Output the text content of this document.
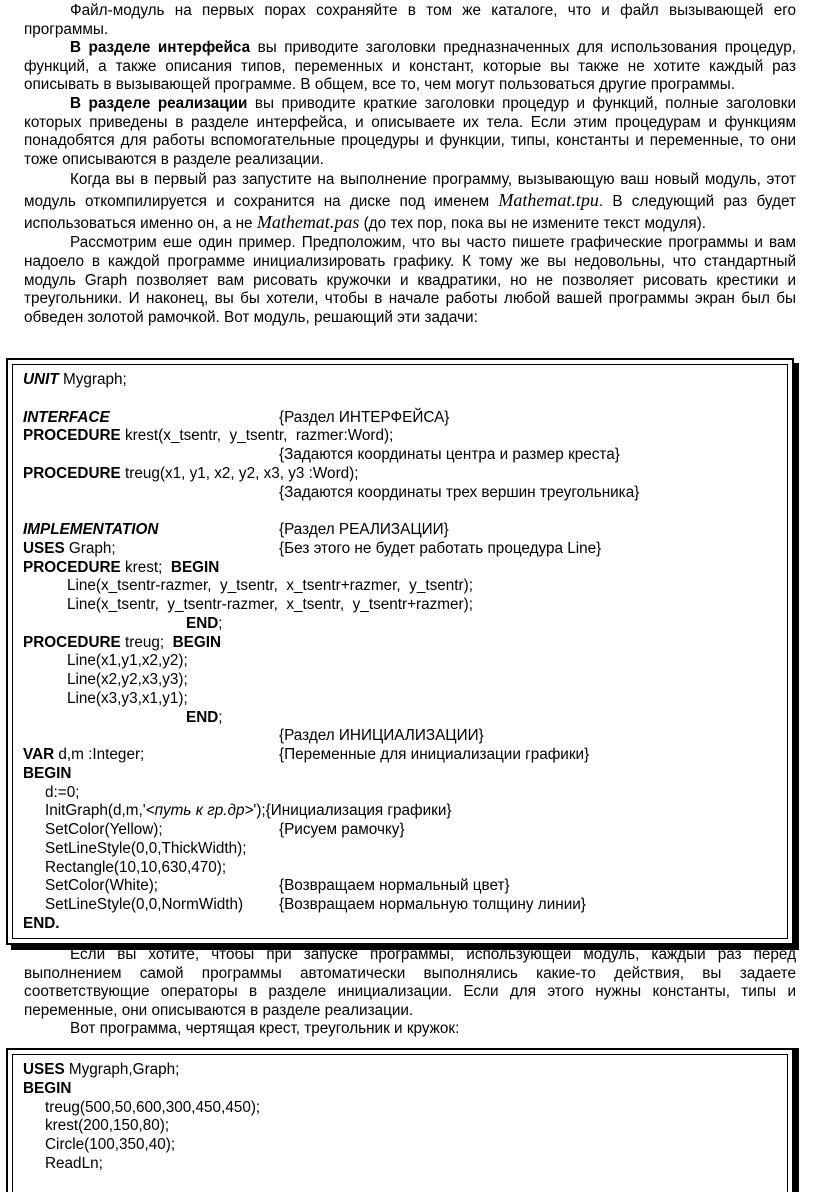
Файл-модуль на первых порах сохраняйте в том же каталоге, что и файл вызывающей его программы.

В разделе интерфейса вы приводите заголовки предназначенных для использования процедур, функций, а также описания типов, переменных и констант, которые вы также не хотите каждый раз описывать в вызывающей программе. В общем, все то, чем могут пользоваться другие программы.

В разделе реализации вы приводите краткие заголовки процедур и функций, полные заголовки которых приведены в разделе интерфейса, и описываете их тела. Если этим процедурам и функциям понадобятся для работы вспомогательные процедуры и функции, типы, константы и переменные, то они тоже описываются в разделе реализации.

Когда вы в первый раз запустите на выполнение программу, вызывающую ваш новый модуль, этот модуль откомпилируется и сохранится на диске под именем Mathemat.tpu. В следующий раз будет использоваться именно он, а не Mathemat.pas (до тех пор, пока вы не измените текст модуля).

Рассмотрим еше один пример. Предположим, что вы часто пишете графические программы и вам надоело в каждой программе инициализировать графику. К тому же вы недовольны, что стандартный модуль Graph позволяет вам рисовать кружочки и квадратики, но не позволяет рисовать крестики и треугольники. И наконец, вы бы хотели, чтобы в начале работы любой вашей программы экран был бы обведен золотой рамочкой. Вот модуль, решающий эти задачи:

UNIT Mygraph;
INTERFACE	{Раздел ИНТЕРФЕЙСА}
PROCEDURE krest(x_tsentr,  y_tsentr,  razmer:Word);
{Задаются координаты центра и размер креста}
PROCEDURE treug(x1, y1, x2, y2, x3, y3 :Word);
{Задаются координаты трех вершин треугольника}
IMPLEMENTATION	{Раздел РЕАЛИЗАЦИИ}
USES Graph;	{Без этого не будет работать процедура Line}
PROCEDURE krest;  BEGIN
Line(x_tsentr-razmer,  y_tsentr,  x_tsentr+razmer,  y_tsentr);
Line(x_tsentr,  y_tsentr-razmer,  x_tsentr,  y_tsentr+razmer);
END;
PROCEDURE treug;  BEGIN
Line(x1,y1,x2,y2);
Line(x2,y2,x3,y3);
Line(x3,y3,x1,y1);
END;
{Раздел ИНИЦИАЛИЗАЦИИ}
VAR d,m :Integer;	{Переменные для инициализации графики}
BEGIN
d:=0;
InitGraph(d,m,'<путь к гр.др>');{Инициализация графики}
SetColor(Yellow);	{Рисуем рамочку}
SetLineStyle(0,0,ThickWidth);
Rectangle(10,10,630,470);
SetColor(White);	{Возвращаем нормальный цвет}
SetLineStyle(0,0,NormWidth) {Возвращаем нормальную толщину линии}
END.

Если вы хотите, чтобы при запуске программы, использующей модуль, каждый раз перед выполнением самой программы автоматически выполнялись какие-то действия, вы задаете соответствующие операторы в разделе инициализации. Если для этого нужны константы, типы и переменные, они описываются в разделе реализации.

Вот программа, чертящая крест, треугольник и кружок:

USES Mygraph,Graph;
BEGIN
treug(500,50,600,300,450,450);
krest(200,150,80);
Circle(100,350,40);
ReadLn;
